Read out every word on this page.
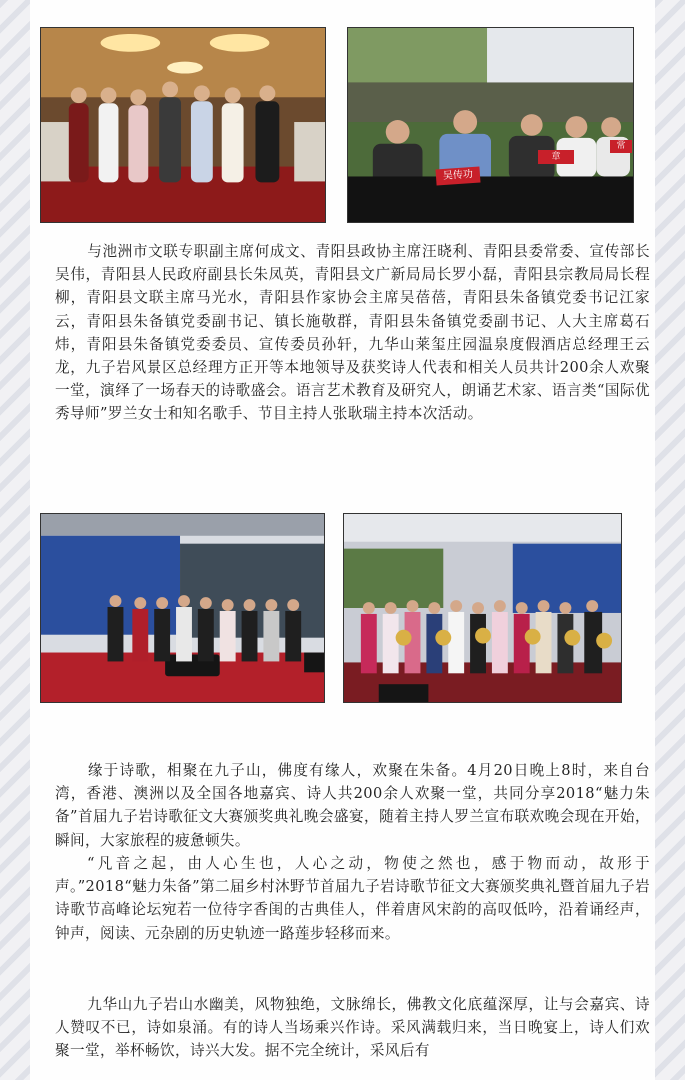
吴传功
章
常

与池洲市文联专职副主席何成文、青阳县政协主席汪晓利、青阳县委常委、宣传部长吴伟，青阳县人民政府副县长朱凤英，青阳县文广新局局长罗小磊，青阳县宗教局局长程柳，青阳县文联主席马光水，青阳县作家协会主席吴蓓蓓，青阳县朱备镇党委书记江家云，青阳县朱备镇党委副书记、镇长施敬群，青阳县朱备镇党委副书记、人大主席葛石炜，青阳县朱备镇党委委员、宣传委员孙轩，九华山莱玺庄园温泉度假酒店总经理王云龙，九子岩风景区总经理方正开等本地领导及获奖诗人代表和相关人员共计200余人欢聚一堂，演绎了一场春天的诗歌盛会。语言艺术教育及研究人，朗诵艺术家、语言类“国际优秀导师”罗兰女士和知名歌手、节目主持人张耿瑞主持本次活动。

缘于诗歌，相聚在九子山，佛度有缘人，欢聚在朱备。4月20日晚上8时，来自台湾，香港、澳洲以及全国各地嘉宾、诗人共200余人欢聚一堂，共同分享2018“魅力朱备”首届九子岩诗歌征文大赛颁奖典礼晚会盛宴，随着主持人罗兰宣布联欢晚会现在开始，瞬间，大家旅程的疲惫顿失。

“凡音之起，由人心生也，人心之动，物使之然也，感于物而动，故形于声。”2018“魅力朱备”第二届乡村沐野节首届九子岩诗歌节征文大赛颁奖典礼暨首届九子岩诗歌节高峰论坛宛若一位待字香闺的古典佳人，伴着唐风宋韵的高叹低吟，沿着诵经声，钟声，阅读、元杂剧的历史轨迹一路莲步轻移而来。

九华山九子岩山水幽美，风物独绝，文脉绵长，佛教文化底蕴深厚，让与会嘉宾、诗人赞叹不已，诗如泉涌。有的诗人当场乘兴作诗。采风满载归来，当日晚宴上，诗人们欢聚一堂，举杯畅饮，诗兴大发。据不完全统计，采风后有
